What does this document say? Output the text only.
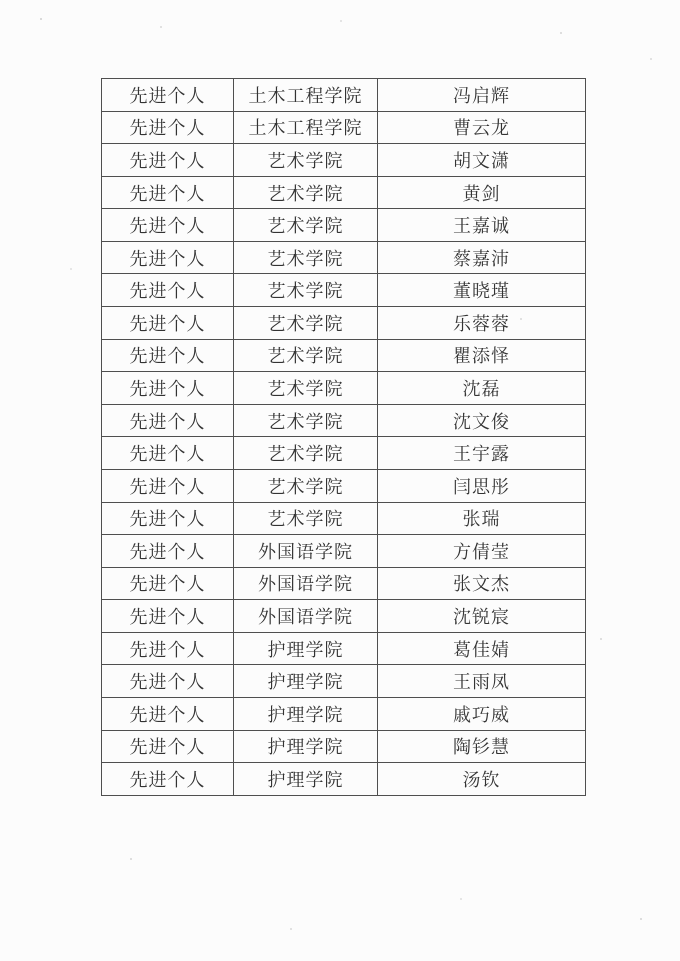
先进个人	土木工程学院	冯启辉
先进个人	土木工程学院	曹云龙
先进个人	艺术学院	胡文潇
先进个人	艺术学院	黄剑
先进个人	艺术学院	王嘉诚
先进个人	艺术学院	蔡嘉沛
先进个人	艺术学院	董晓瑾
先进个人	艺术学院	乐蓉蓉
先进个人	艺术学院	瞿添怿
先进个人	艺术学院	沈磊
先进个人	艺术学院	沈文俊
先进个人	艺术学院	王宇露
先进个人	艺术学院	闫思彤
先进个人	艺术学院	张瑞
先进个人	外国语学院	方倩莹
先进个人	外国语学院	张文杰
先进个人	外国语学院	沈锐宸
先进个人	护理学院	葛佳婧
先进个人	护理学院	王雨凤
先进个人	护理学院	戚巧威
先进个人	护理学院	陶钐慧
先进个人	护理学院	汤钦
